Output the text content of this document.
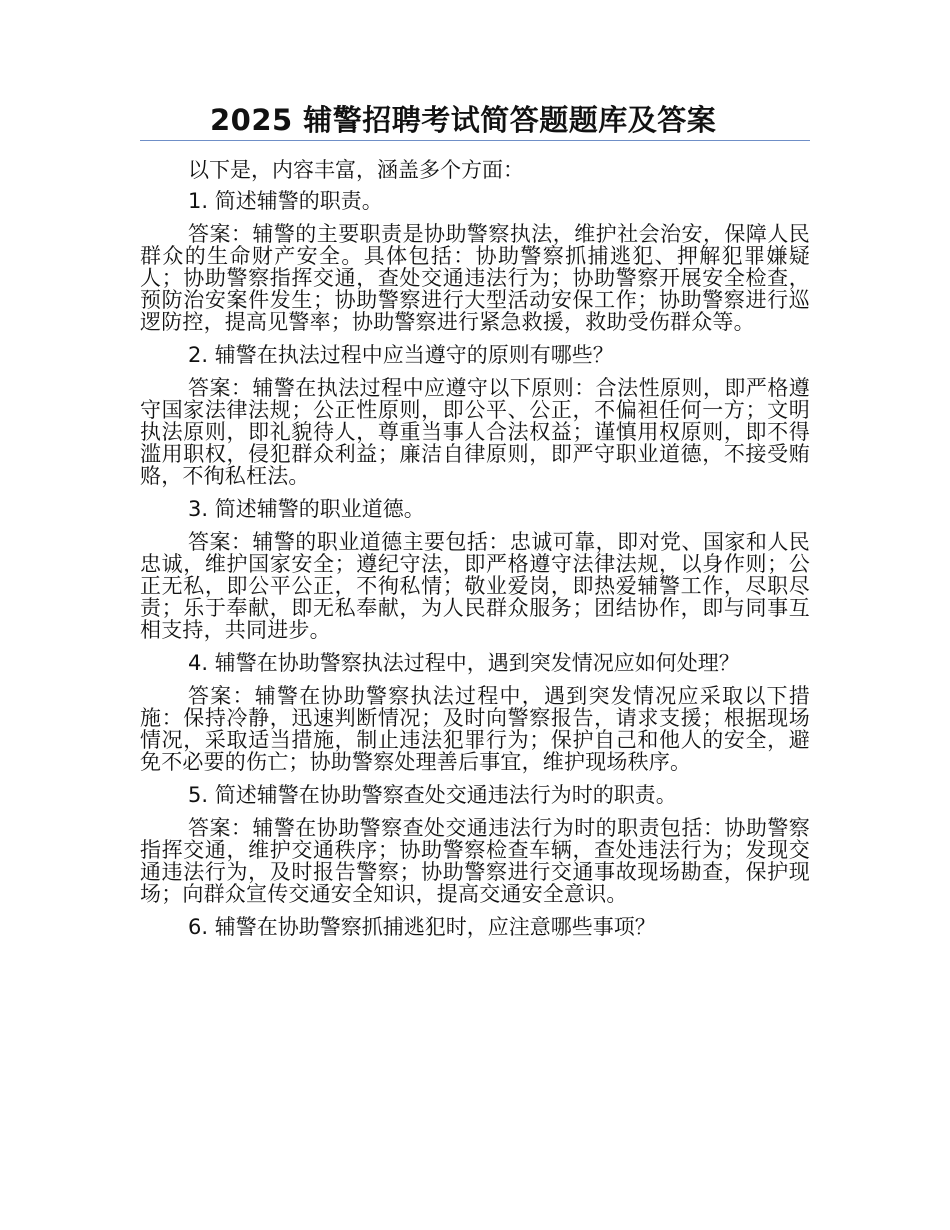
2025 辅警招聘考试简答题题库及答案

以下是，内容丰富，涵盖多个方面：

1. 简述辅警的职责。

答案：辅警的主要职责是协助警察执法，维护社会治安，保障人民群众的生命财产安全。具体包括：协助警察抓捕逃犯、押解犯罪嫌疑人；协助警察指挥交通，查处交通违法行为；协助警察开展安全检查，预防治安案件发生；协助警察进行大型活动安保工作；协助警察进行巡逻防控，提高见警率；协助警察进行紧急救援，救助受伤群众等。

2. 辅警在执法过程中应当遵守的原则有哪些？

答案：辅警在执法过程中应遵守以下原则：合法性原则，即严格遵守国家法律法规；公正性原则，即公平、公正，不偏袒任何一方；文明执法原则，即礼貌待人，尊重当事人合法权益；谨慎用权原则，即不得滥用职权，侵犯群众利益；廉洁自律原则，即严守职业道德，不接受贿赂，不徇私枉法。

3. 简述辅警的职业道德。

答案：辅警的职业道德主要包括：忠诚可靠，即对党、国家和人民忠诚，维护国家安全；遵纪守法，即严格遵守法律法规，以身作则；公正无私，即公平公正，不徇私情；敬业爱岗，即热爱辅警工作，尽职尽责；乐于奉献，即无私奉献，为人民群众服务；团结协作，即与同事互相支持，共同进步。

4. 辅警在协助警察执法过程中，遇到突发情况应如何处理？

答案：辅警在协助警察执法过程中，遇到突发情况应采取以下措施：保持冷静，迅速判断情况；及时向警察报告，请求支援；根据现场情况，采取适当措施，制止违法犯罪行为；保护自己和他人的安全，避免不必要的伤亡；协助警察处理善后事宜，维护现场秩序。

5. 简述辅警在协助警察查处交通违法行为时的职责。

答案：辅警在协助警察查处交通违法行为时的职责包括：协助警察指挥交通，维护交通秩序；协助警察检查车辆，查处违法行为；发现交通违法行为，及时报告警察；协助警察进行交通事故现场勘查，保护现场；向群众宣传交通安全知识，提高交通安全意识。

6. 辅警在协助警察抓捕逃犯时，应注意哪些事项？
